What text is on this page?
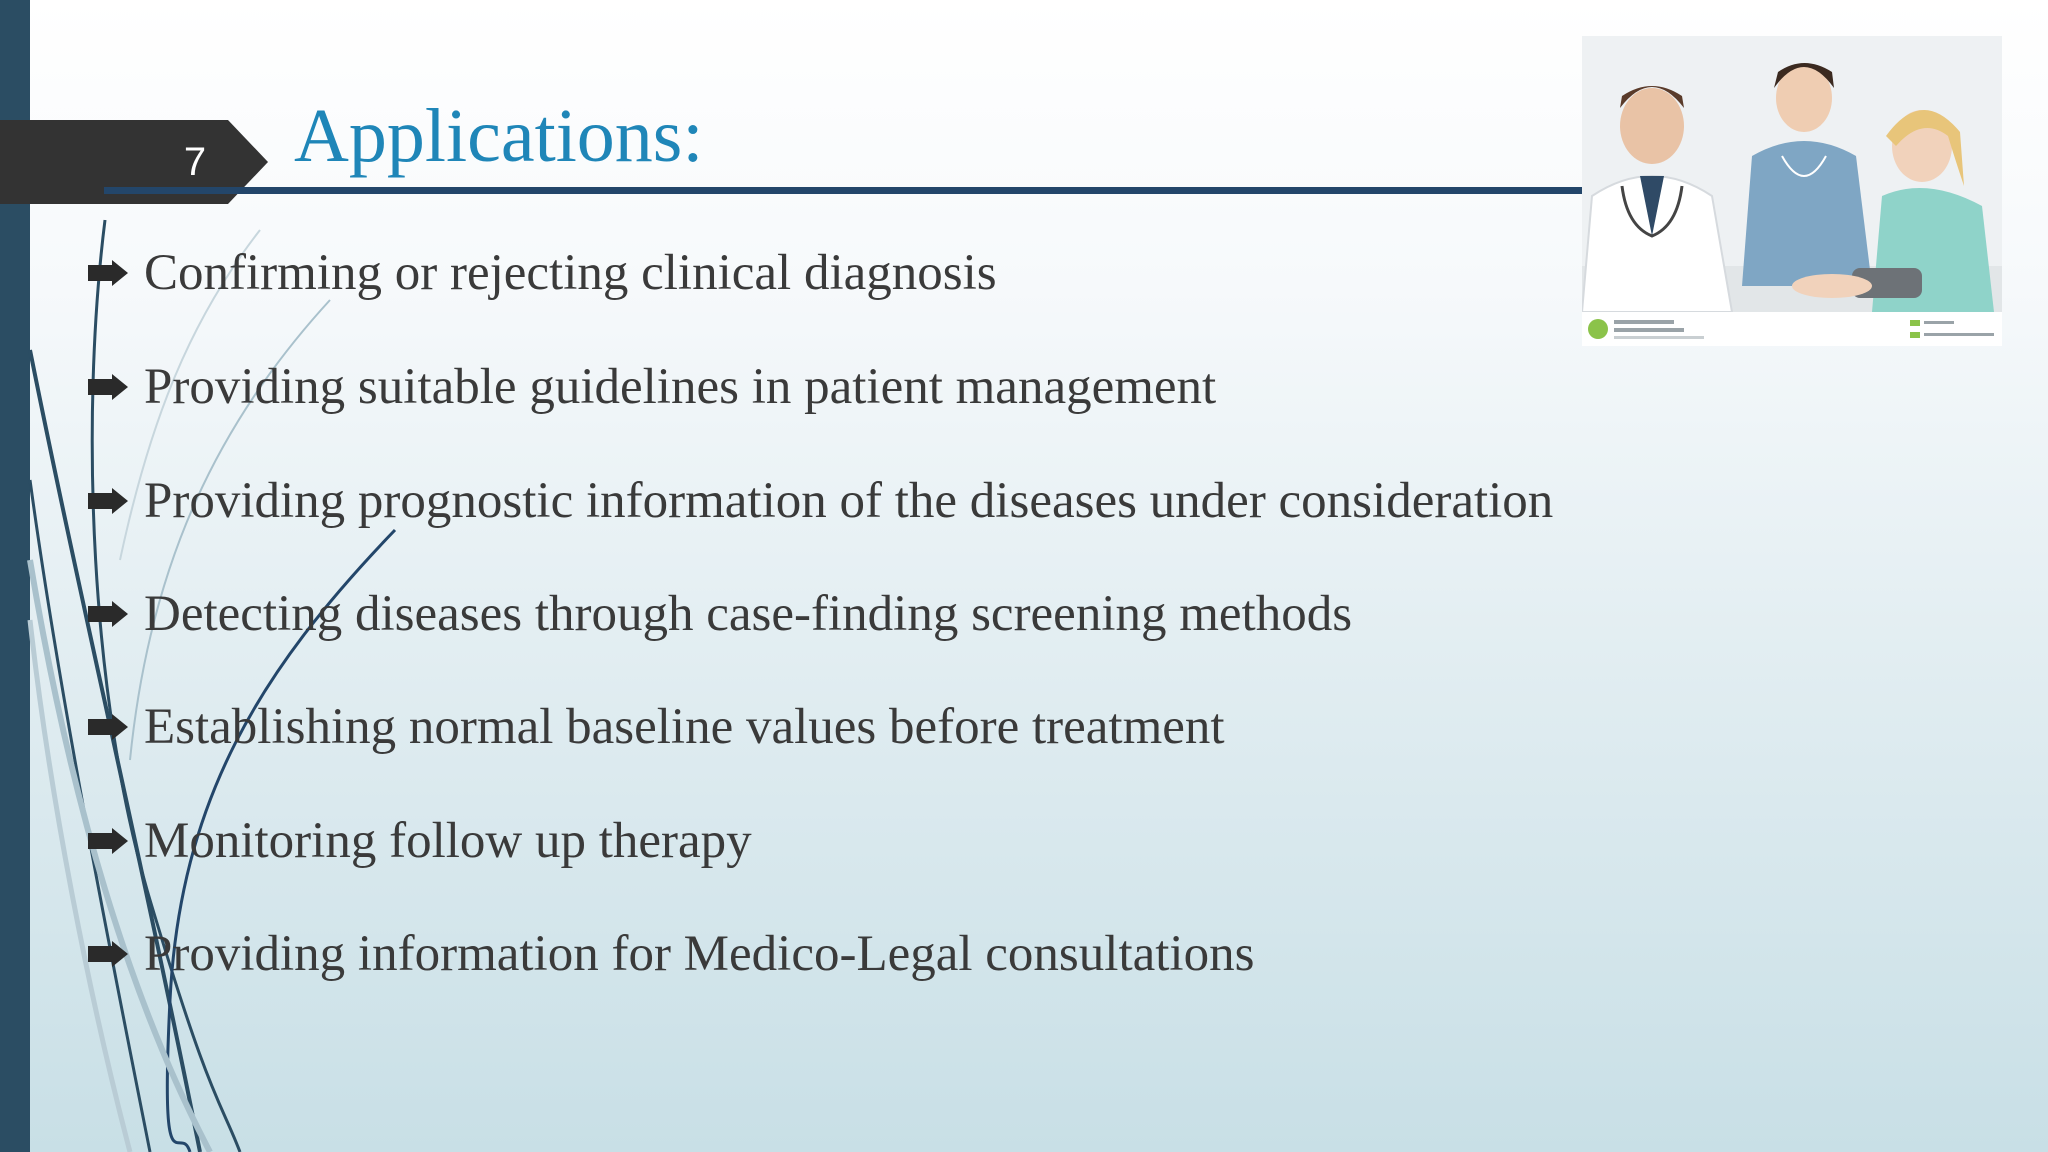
7	Applications:
Confirming or rejecting clinical diagnosis
Providing suitable guidelines in patient management
Providing prognostic information of the diseases under consideration
Detecting diseases through case-finding screening methods
Establishing normal baseline values before treatment
Monitoring follow up therapy
Providing information for Medico-Legal consultations
